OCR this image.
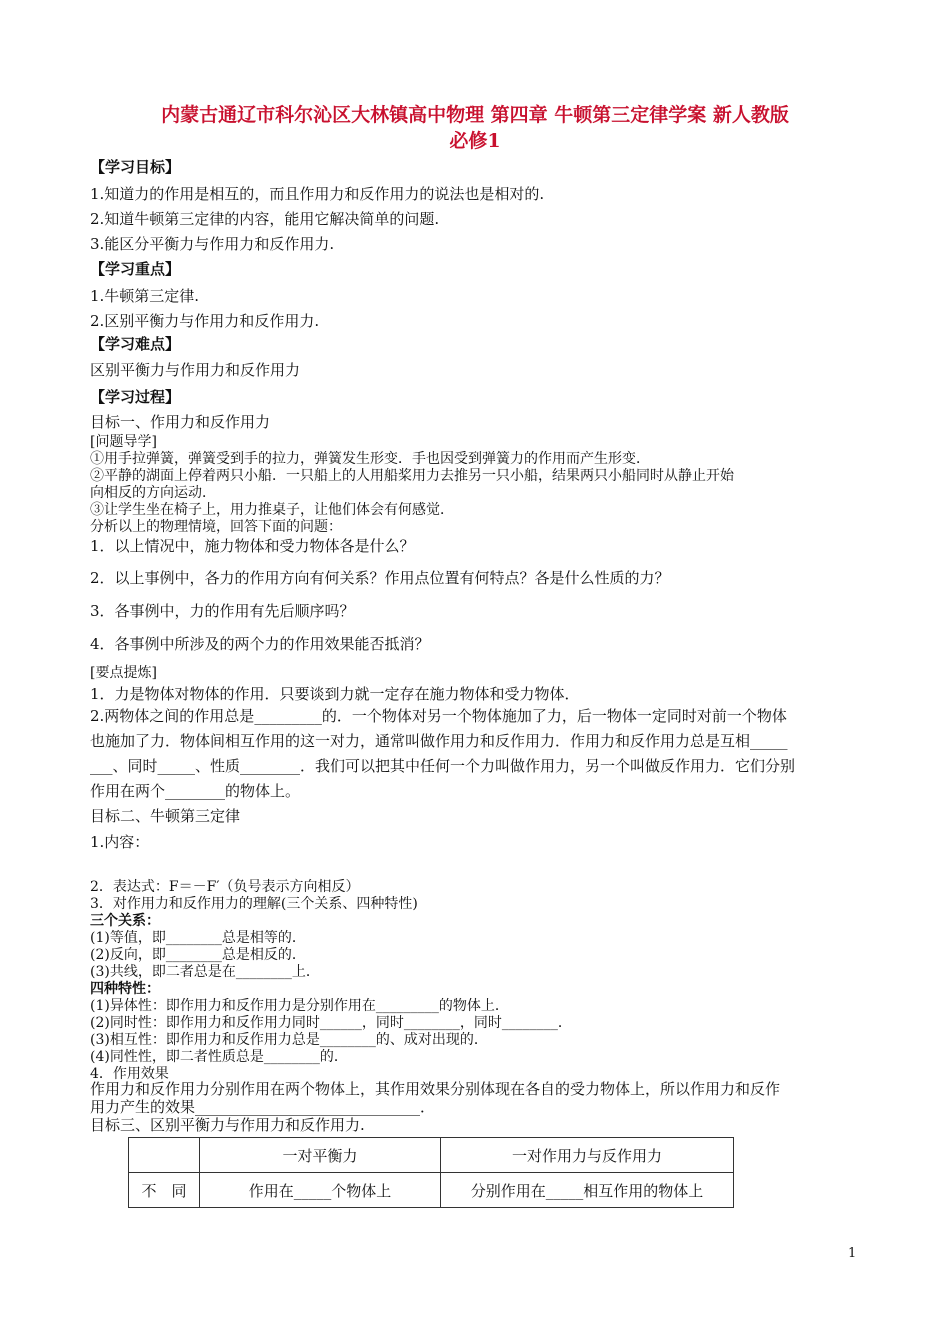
内蒙古通辽市科尔沁区大林镇高中物理 第四章 牛顿第三定律学案 新人教版
必修1
【学习目标】
1.知道力的作用是相互的，而且作用力和反作用力的说法也是相对的.
2.知道牛顿第三定律的内容，能用它解决简单的问题.
3.能区分平衡力与作用力和反作用力.
【学习重点】
1.牛顿第三定律.
2.区别平衡力与作用力和反作用力.
【学习难点】
区别平衡力与作用力和反作用力
【学习过程】
目标一、作用力和反作用力
[问题导学]
①用手拉弹簧，弹簧受到手的拉力，弹簧发生形变．手也因受到弹簧力的作用而产生形变．
②平静的湖面上停着两只小船．一只船上的人用船桨用力去推另一只小船，结果两只小船同时从静止开始
向相反的方向运动．
③让学生坐在椅子上，用力推桌子，让他们体会有何感觉．
分析以上的物理情境，回答下面的问题：
1．以上情况中，施力物体和受力物体各是什么？
2．以上事例中，各力的作用方向有何关系？作用点位置有何特点？各是什么性质的力？
3．各事例中，力的作用有先后顺序吗？
4．各事例中所涉及的两个力的作用效果能否抵消？
[要点提炼]
1．力是物体对物体的作用．只要谈到力就一定存在施力物体和受力物体．
2.两物体之间的作用总是_________的．一个物体对另一个物体施加了力，后一物体一定同时对前一个物体
也施加了力．物体间相互作用的这一对力，通常叫做作用力和反作用力．作用力和反作用力总是互相_____
___、同时_____、性质________．我们可以把其中任何一个力叫做作用力，另一个叫做反作用力．它们分别
作用在两个________的物体上。
目标二、牛顿第三定律
1.内容：
2．表达式：F＝－F′（负号表示方向相反）
3．对作用力和反作用力的理解(三个关系、四种特性)
三个关系：
(1)等值，即________总是相等的．
(2)反向，即________总是相反的．
(3)共线，即二者总是在________上．
四种特性：
(1)异体性：即作用力和反作用力是分别作用在_________的物体上．
(2)同时性：即作用力和反作用力同时______，同时________，同时________．
(3)相互性：即作用力和反作用力总是________的、成对出现的．
(4)同性性，即二者性质总是________的．
4．作用效果
作用力和反作用力分别作用在两个物体上，其作用效果分别体现在各自的受力物体上，所以作用力和反作
用力产生的效果______________________________．
目标三、区别平衡力与作用力和反作用力.
	一对平衡力	一对作用力与反作用力
不　同	作用在_____个物体上	分别作用在_____相互作用的物体上
1
